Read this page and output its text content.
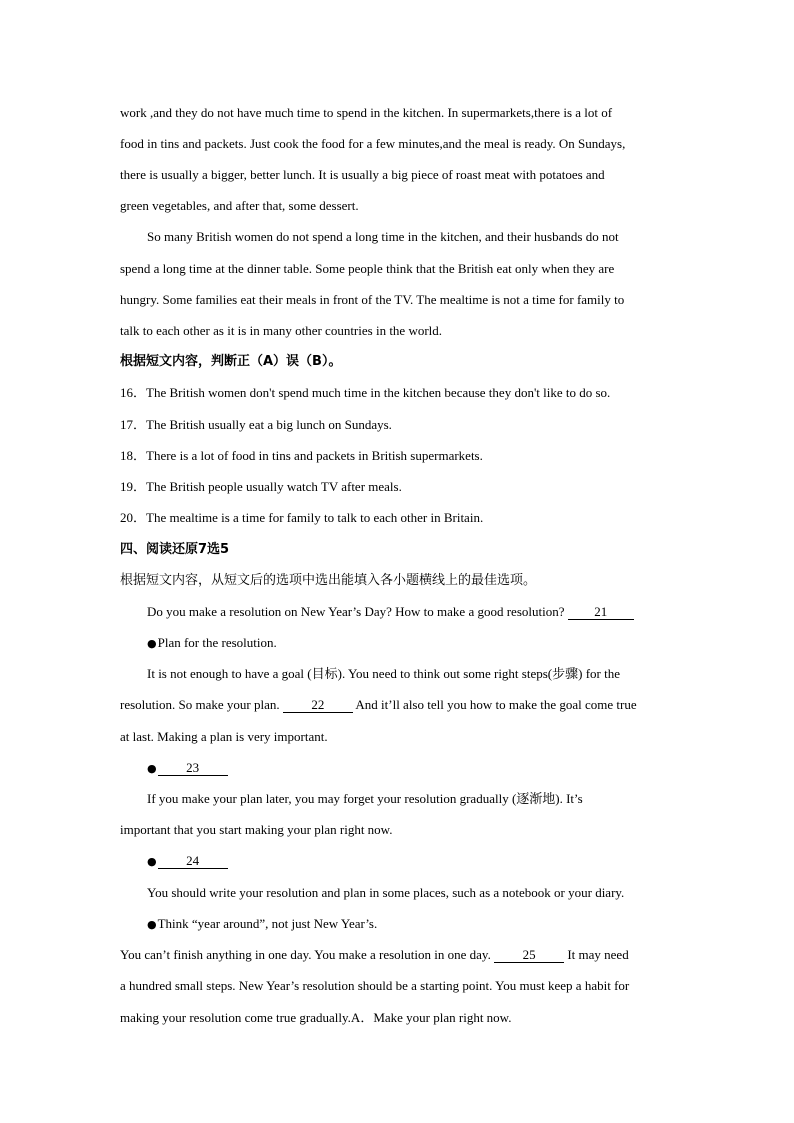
work ,and they do not have much time to spend in the kitchen. In supermarkets,there is a lot of
food in tins and packets. Just cook the food for a few minutes,and the meal is ready. On Sundays,
there is usually a bigger, better lunch. It is usually a big piece of roast meat with potatoes and
green vegetables, and after that, some dessert.
So many British women do not spend a long time in the kitchen, and their husbands do not
spend a long time at the dinner table. Some people think that the British eat only when they are
hungry. Some families eat their meals in front of the TV. The mealtime is not a time for family to
talk to each other as it is in many other countries in the world.
根据短文内容，判断正（A）误（B）。
16．The British women don't spend much time in the kitchen because they don't like to do so.
17．The British usually eat a big lunch on Sundays.
18．There is a lot of food in tins and packets in British supermarkets.
19．The British people usually watch TV after meals.
20．The mealtime is a time for family to talk to each other in Britain.
四、阅读还原7选5
根据短文内容，从短文后的选项中选出能填入各小题横线上的最佳选项。
Do you make a resolution on New Year’s Day? How to make a good resolution? 21
●Plan for the resolution.
It is not enough to have a goal (目标). You need to think out some right steps(步骤) for the
resolution. So make your plan. 22 And it’ll also tell you how to make the goal come true
at last. Making a plan is very important.
● 23
If you make your plan later, you may forget your resolution gradually (逐渐地). It’s
important that you start making your plan right now.
● 24
You should write your resolution and plan in some places, such as a notebook or your diary.
●Think “year around”, not just New Year’s.
You can’t finish anything in one day. You make a resolution in one day. 25 It may need
a hundred small steps. New Year’s resolution should be a starting point. You must keep a habit for
making your resolution come true gradually.A．Make your plan right now.
